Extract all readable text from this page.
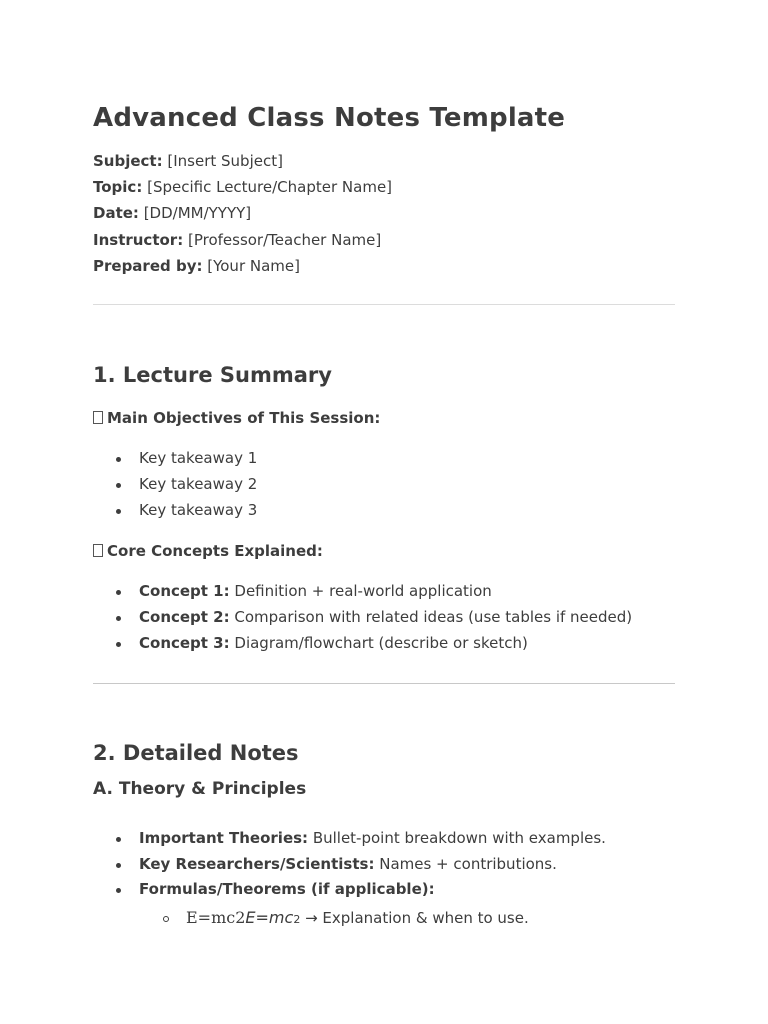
Advanced Class Notes Template
Subject: [Insert Subject]
Topic: [Specific Lecture/Chapter Name]
Date: [DD/MM/YYYY]
Instructor: [Professor/Teacher Name]
Prepared by: [Your Name]
1. Lecture Summary
Main Objectives of This Session:
Key takeaway 1
Key takeaway 2
Key takeaway 3
Core Concepts Explained:
Concept 1: Definition + real-world application
Concept 2: Comparison with related ideas (use tables if needed)
Concept 3: Diagram/flowchart (describe or sketch)
2. Detailed Notes
A. Theory & Principles
Important Theories: Bullet-point breakdown with examples.
Key Researchers/Scientists: Names + contributions.
Formulas/Theorems (if applicable):
E=mc2E=mc2 → Explanation & when to use.
